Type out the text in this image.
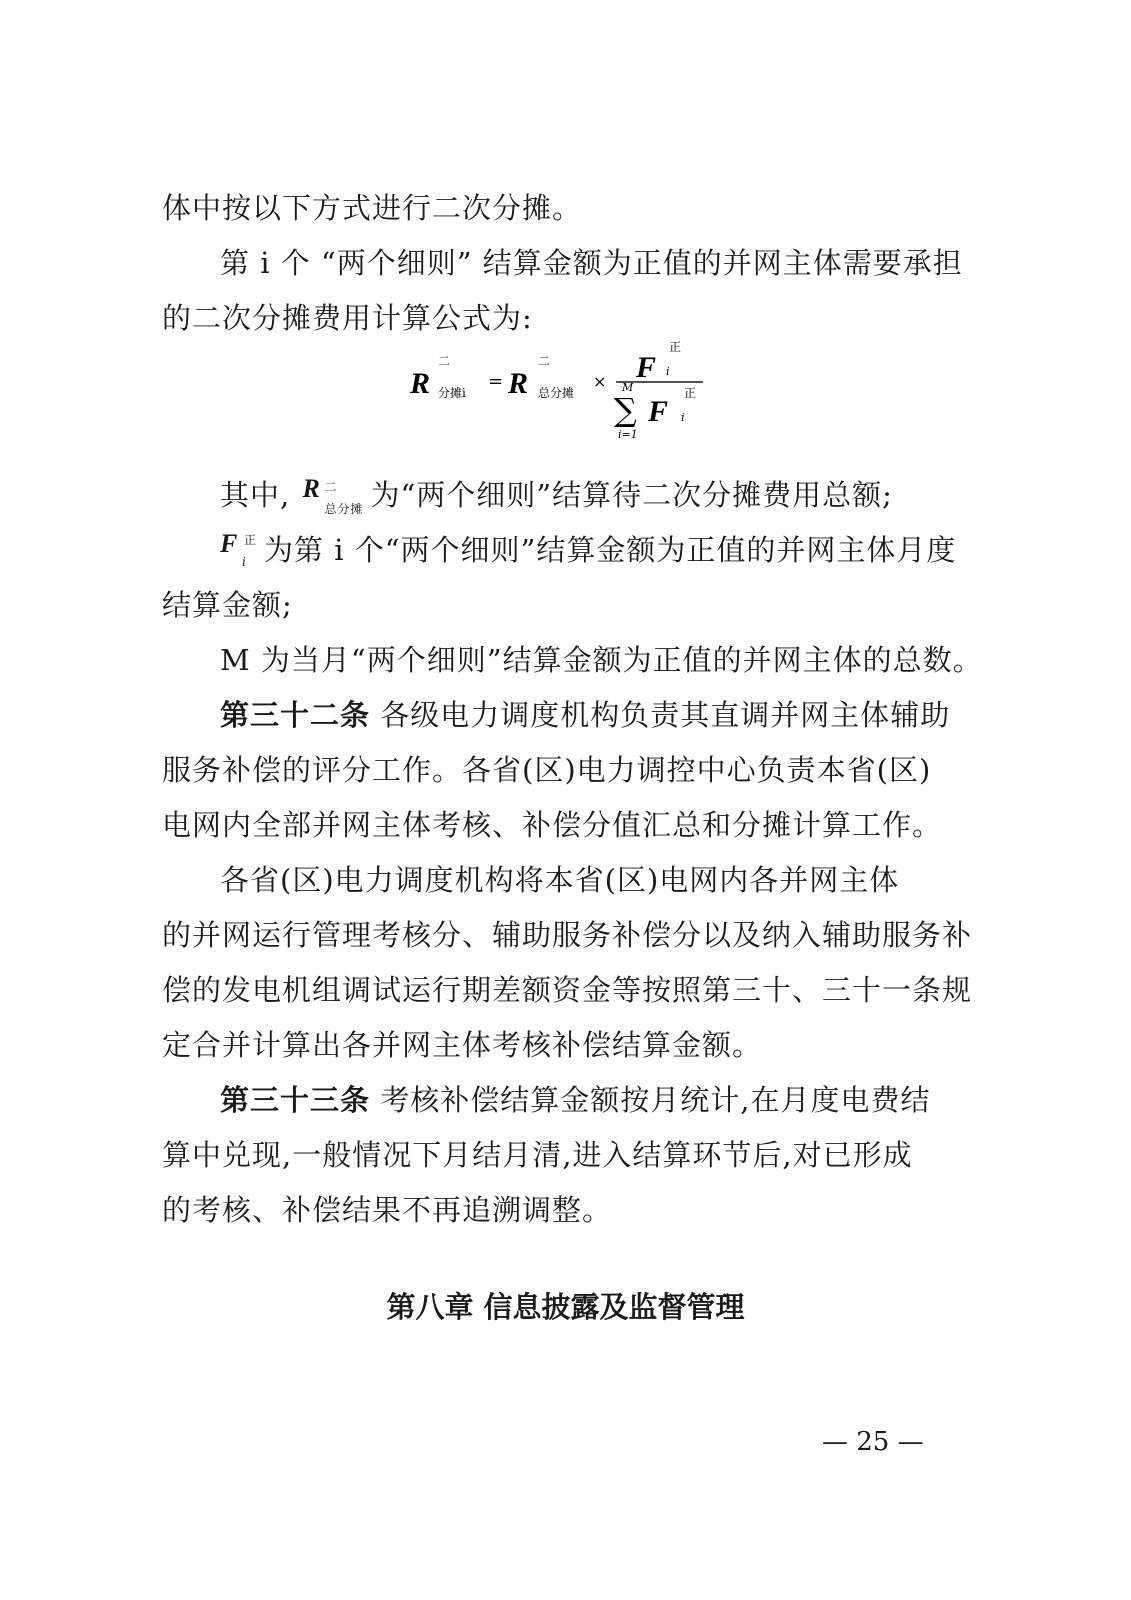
体中按以下方式进行二次分摊。
第 i 个 “两个细则” 结算金额为正值的并网主体需要承担
的二次分摊费用计算公式为:
R
二
分摊i
= R
二
总分摊
× F
正
i
M
∑
i=1
F
正
i
其中, R 二
总分摊 为“两个细则”结算待二次分摊费用总额;
F 正
i 为第 i 个“两个细则”结算金额为正值的并网主体月度
结算金额;
M 为当月“两个细则”结算金额为正值的并网主体的总数。
第三十二条 各级电力调度机构负责其直调并网主体辅助
服务补偿的评分工作。各省(区)电力调控中心负责本省(区)
电网内全部并网主体考核、补偿分值汇总和分摊计算工作。
各省(区)电力调度机构将本省(区)电网内各并网主体
的并网运行管理考核分、辅助服务补偿分以及纳入辅助服务补
偿的发电机组调试运行期差额资金等按照第三十、三十一条规
定合并计算出各并网主体考核补偿结算金额。
第三十三条 考核补偿结算金额按月统计,在月度电费结
算中兑现,一般情况下月结月清,进入结算环节后,对已形成
的考核、补偿结果不再追溯调整。
第八章 信息披露及监督管理
— 25 —
